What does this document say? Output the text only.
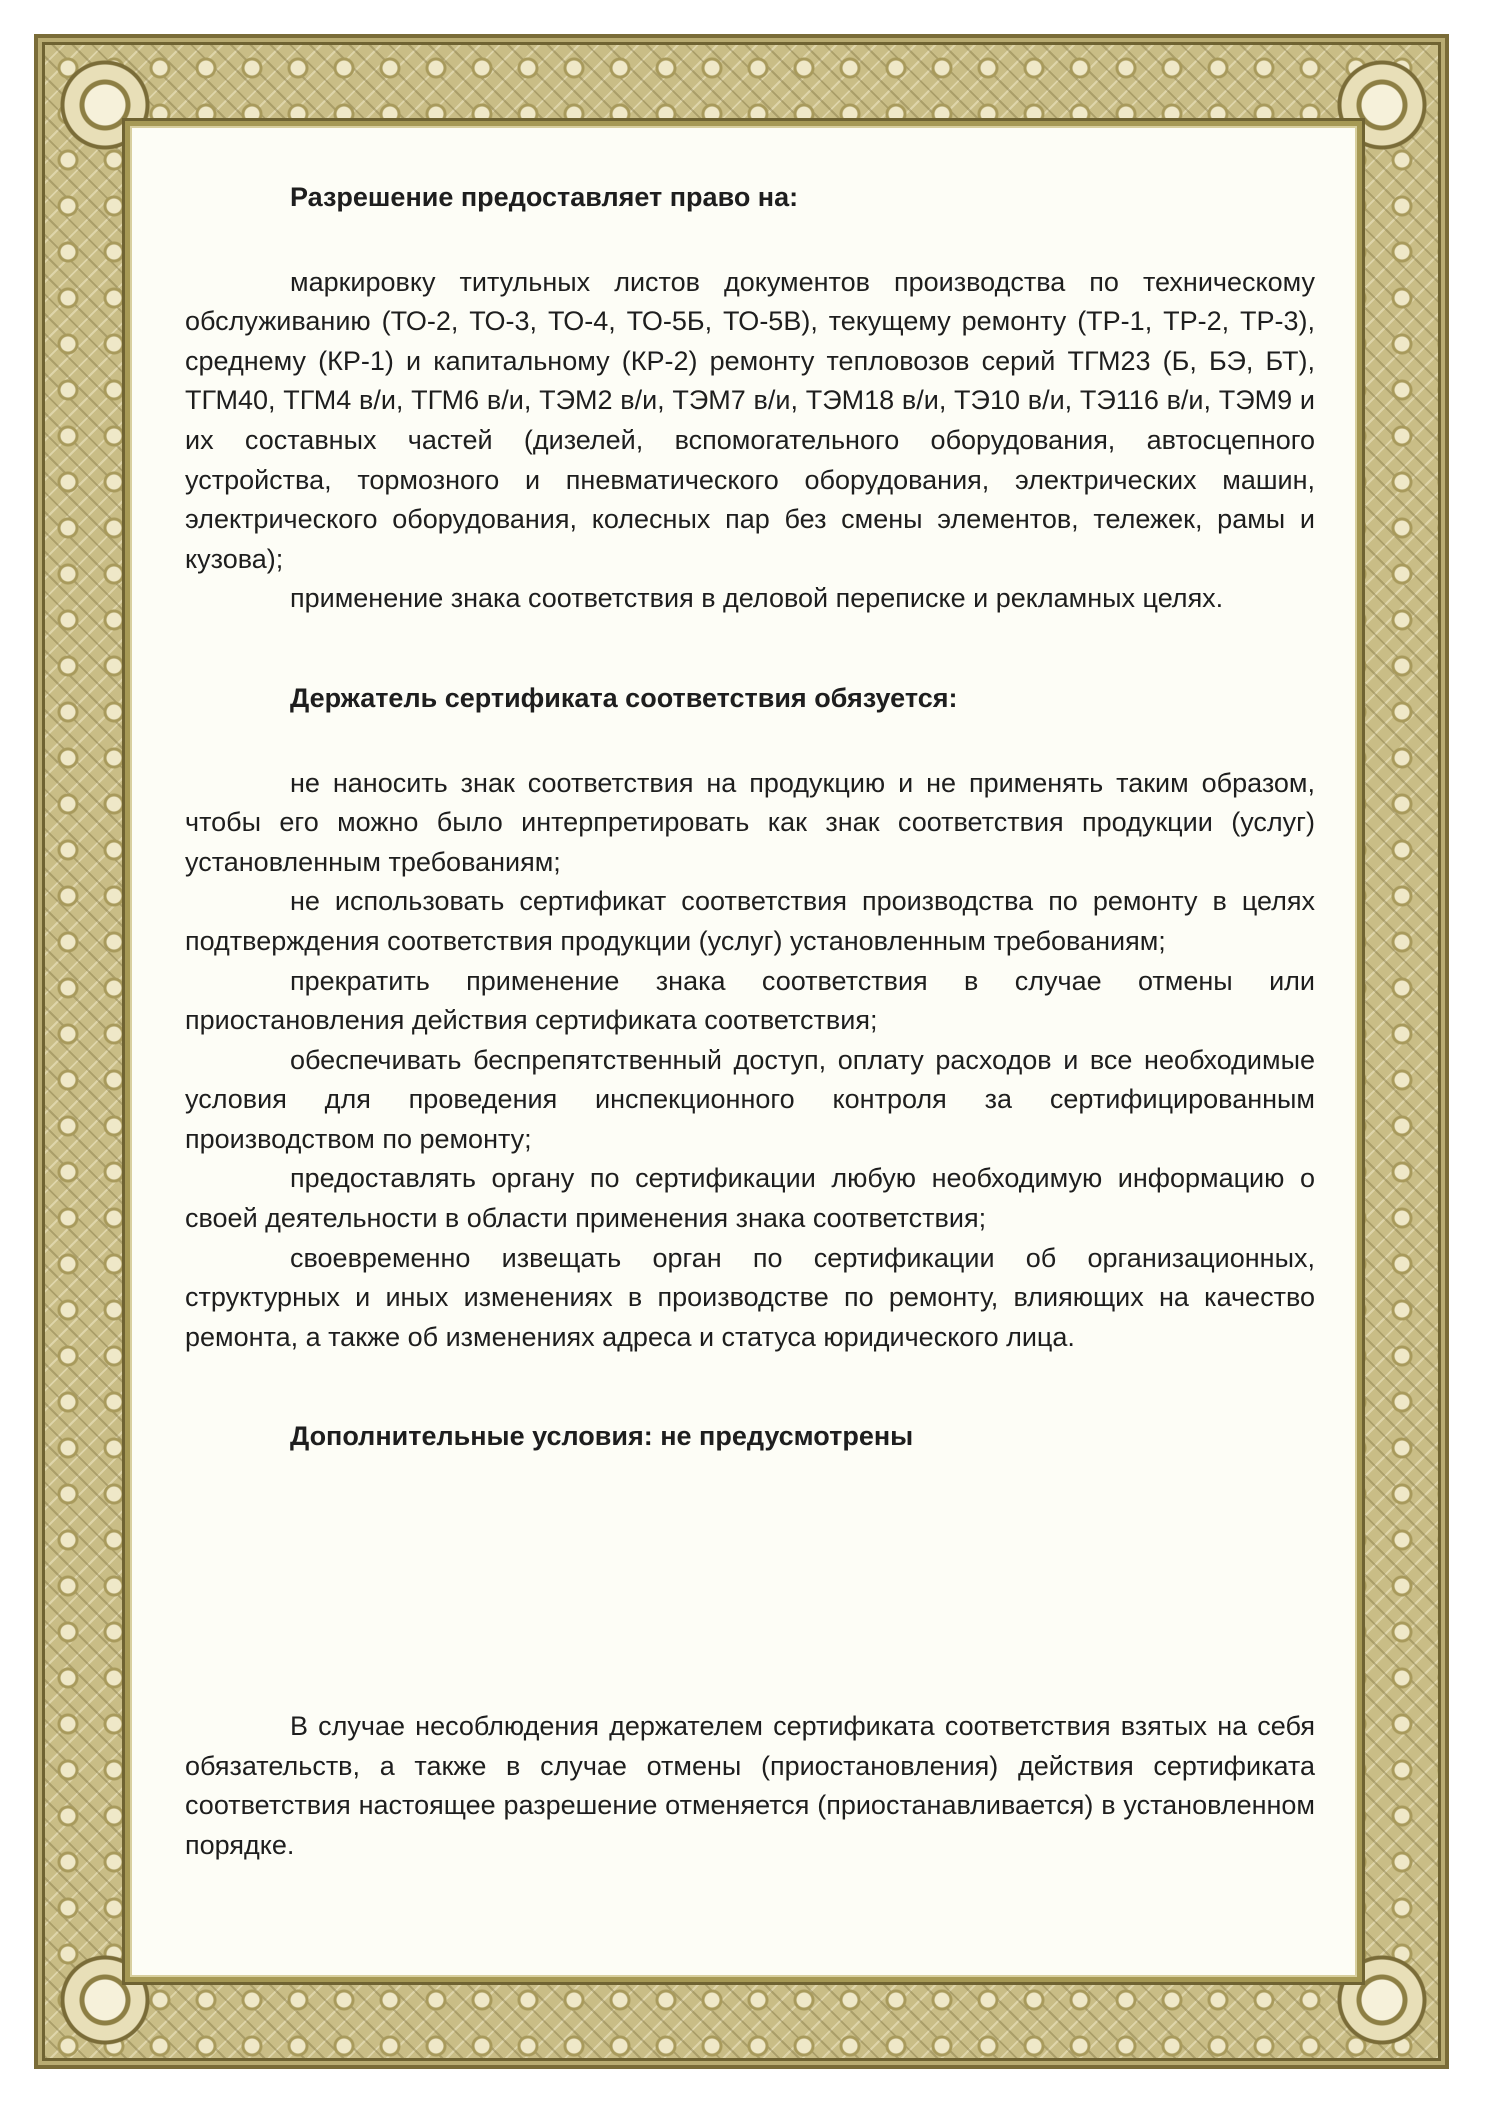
Разрешение предоставляет право на:

маркировку титульных листов документов производства по техническому обслуживанию (ТО-2, ТО-3, ТО-4, ТО-5Б, ТО-5В), текущему ремонту (ТР-1, ТР-2, ТР-3), среднему (КР-1) и капитальному (КР-2) ремонту тепловозов серий ТГМ23 (Б, БЭ, БТ), ТГМ40, ТГМ4 в/и, ТГМ6 в/и, ТЭМ2 в/и, ТЭМ7 в/и, ТЭМ18 в/и, ТЭ10 в/и, ТЭ116 в/и, ТЭМ9 и их составных частей (дизелей, вспомогательного оборудования, автосцепного устройства, тормозного и пневматического оборудования, электрических машин, электрического оборудования, колесных пар без смены элементов, тележек, рамы и кузова);

применение знака соответствия в деловой переписке и рекламных целях.

Держатель сертификата соответствия обязуется:

не наносить знак соответствия на продукцию и не применять таким образом, чтобы его можно было интерпретировать как знак соответствия продукции (услуг) установленным требованиям;

не использовать сертификат соответствия производства по ремонту в целях подтверждения соответствия продукции (услуг) установленным требованиям;

прекратить применение знака соответствия в случае отмены или приостановления действия сертификата соответствия;

обеспечивать беспрепятственный доступ, оплату расходов и все необходимые условия для проведения инспекционного контроля за сертифицированным производством по ремонту;

предоставлять органу по сертификации любую необходимую информацию о своей деятельности в области применения знака соответствия;

своевременно извещать орган по сертификации об организационных, структурных и иных изменениях в производстве по ремонту, влияющих на качество ремонта, а также об изменениях адреса и статуса юридического лица.

Дополнительные условия: не предусмотрены

В случае несоблюдения держателем сертификата соответствия взятых на себя обязательств, а также в случае отмены (приостановления) действия сертификата соответствия настоящее разрешение отменяется (приостанавливается) в установленном порядке.
